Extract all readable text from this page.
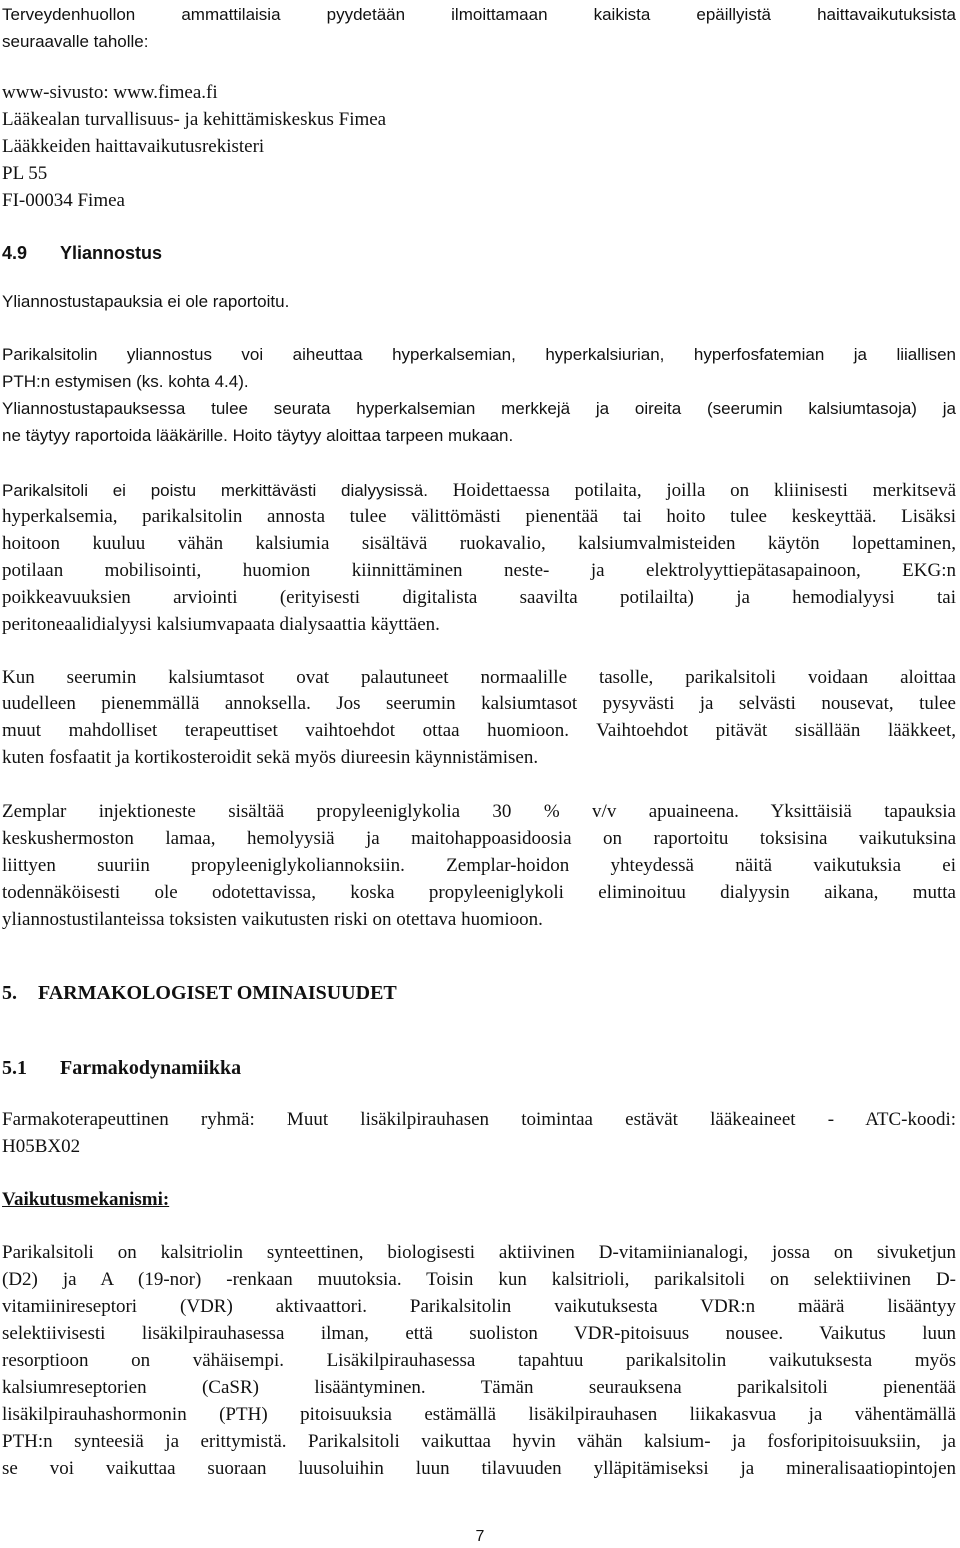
Terveydenhuollon ammattilaisia pyydetään ilmoittamaan kaikista epäillyistä haittavaikutuksista
seuraavalle taholle:
www-sivusto: www.fimea.fi
Lääkealan turvallisuus- ja kehittämiskeskus Fimea
Lääkkeiden haittavaikutusrekisteri
PL 55
FI-00034 Fimea
4.9 Yliannostus
Yliannostustapauksia ei ole raportoitu.
Parikalsitolin yliannostus voi aiheuttaa hyperkalsemian, hyperkalsiurian, hyperfosfatemian ja liiallisen
PTH:n estymisen (ks. kohta 4.4).
Yliannostustapauksessa tulee seurata hyperkalsemian merkkejä ja oireita (seerumin kalsiumtasoja) ja
ne täytyy raportoida lääkärille. Hoito täytyy aloittaa tarpeen mukaan.
Parikalsitoli ei poistu merkittävästi dialyysissä. Hoidettaessa potilaita, joilla on kliinisesti merkitsevä
hyperkalsemia, parikalsitolin annosta tulee välittömästi pienentää tai hoito tulee keskeyttää. Lisäksi
hoitoon kuuluu vähän kalsiumia sisältävä ruokavalio, kalsiumvalmisteiden käytön lopettaminen,
potilaan mobilisointi, huomion kiinnittäminen neste- ja elektrolyyttiepätasapainoon, EKG:n
poikkeavuuksien arviointi (erityisesti digitalista saavilta potilailta) ja hemodialyysi tai
peritoneaalidialyysi kalsiumvapaata dialysaattia käyttäen.
Kun seerumin kalsiumtasot ovat palautuneet normaalille tasolle, parikalsitoli voidaan aloittaa
uudelleen pienemmällä annoksella. Jos seerumin kalsiumtasot pysyvästi ja selvästi nousevat, tulee
muut mahdolliset terapeuttiset vaihtoehdot ottaa huomioon. Vaihtoehdot pitävät sisällään lääkkeet,
kuten fosfaatit ja kortikosteroidit sekä myös diureesin käynnistämisen.
Zemplar injektioneste sisältää propyleeniglykolia 30 % v/v apuaineena. Yksittäisiä tapauksia
keskushermoston lamaa, hemolyysiä ja maitohappoasidoosia on raportoitu toksisina vaikutuksina
liittyen suuriin propyleeniglykoliannoksiin. Zemplar-hoidon yhteydessä näitä vaikutuksia ei
todennäköisesti ole odotettavissa, koska propyleeniglykoli eliminoituu dialyysin aikana, mutta
yliannostustilanteissa toksisten vaikutusten riski on otettava huomioon.
5. FARMAKOLOGISET OMINAISUUDET
5.1 Farmakodynamiikka
Farmakoterapeuttinen ryhmä: Muut lisäkilpirauhasen toimintaa estävät lääkeaineet - ATC-koodi:
H05BX02
Vaikutusmekanismi:
Parikalsitoli on kalsitriolin synteettinen, biologisesti aktiivinen D-vitamiinianalogi, jossa on sivuketjun
(D2) ja A (19-nor) -renkaan muutoksia. Toisin kun kalsitrioli, parikalsitoli on selektiivinen D-
vitamiinireseptori (VDR) aktivaattori. Parikalsitolin vaikutuksesta VDR:n määrä lisääntyy
selektiivisesti lisäkilpirauhasessa ilman, että suoliston VDR-pitoisuus nousee. Vaikutus luun
resorptioon on vähäisempi. Lisäkilpirauhasessa tapahtuu parikalsitolin vaikutuksesta myös
kalsiumreseptorien (CaSR) lisääntyminen. Tämän seurauksena parikalsitoli pienentää
lisäkilpirauhashormonin (PTH) pitoisuuksia estämällä lisäkilpirauhasen liikakasvua ja vähentämällä
PTH:n synteesiä ja erittymistä. Parikalsitoli vaikuttaa hyvin vähän kalsium- ja fosforipitoisuuksiin, ja
se voi vaikuttaa suoraan luusoluihin luun tilavuuden ylläpitämiseksi ja mineralisaatiopintojen
7
